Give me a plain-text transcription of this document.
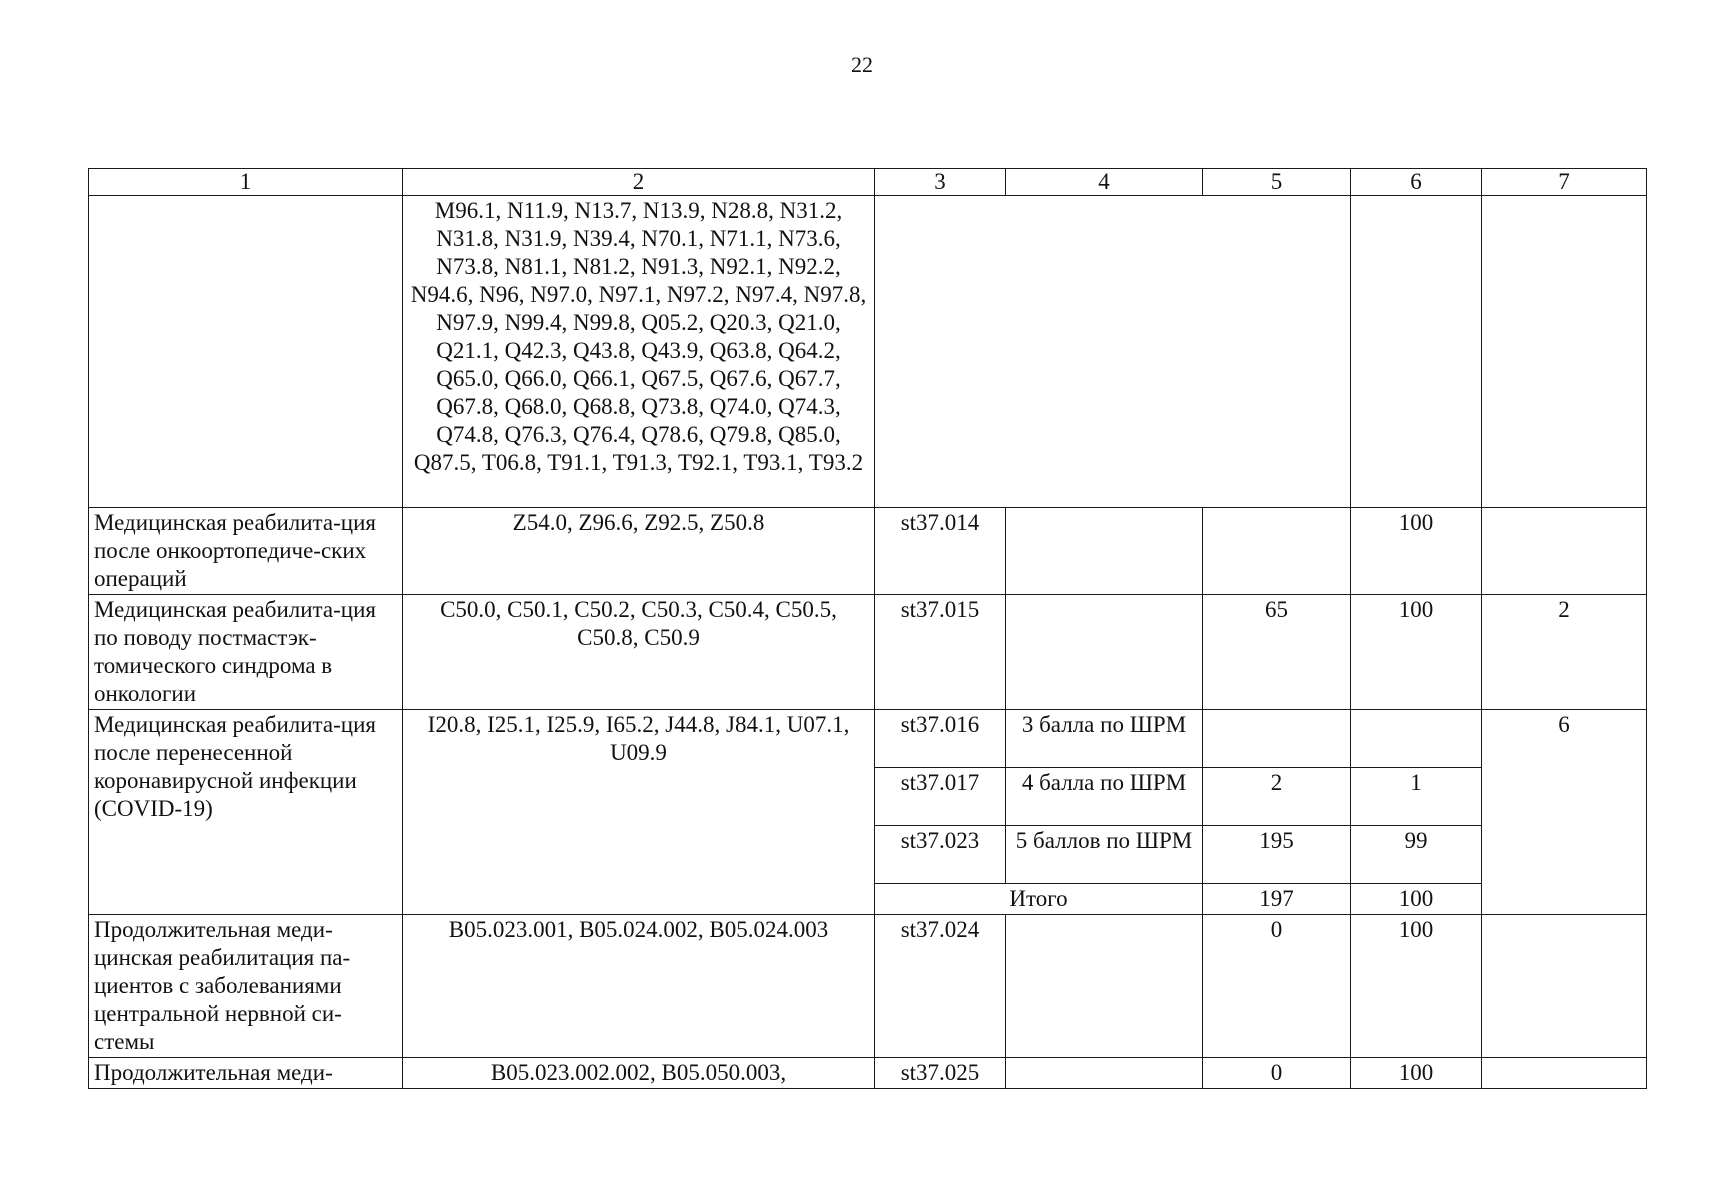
22
1	2	3	4	5	6	7
	M96.1, N11.9, N13.7, N13.9, N28.8, N31.2, N31.8, N31.9, N39.4, N70.1, N71.1, N73.6, N73.8, N81.1, N81.2, N91.3, N92.1, N92.2, N94.6, N96, N97.0, N97.1, N97.2, N97.4, N97.8, N97.9, N99.4, N99.8, Q05.2, Q20.3, Q21.0, Q21.1, Q42.3, Q43.8, Q43.9, Q63.8, Q64.2, Q65.0, Q66.0, Q66.1, Q67.5, Q67.6, Q67.7, Q67.8, Q68.0, Q68.8, Q73.8, Q74.0, Q74.3, Q74.8, Q76.3, Q76.4, Q78.6, Q79.8, Q85.0, Q87.5, T06.8, T91.1, T91.3, T92.1, T93.1, T93.2					
Медицинская реабилита-ция после онкоортопедиче-ских операций	Z54.0, Z96.6, Z92.5, Z50.8	st37.014			100	
Медицинская реабилита-ция по поводу постмастэк-томического синдрома в онкологии	C50.0, C50.1, C50.2, C50.3, C50.4, C50.5, C50.8, C50.9	st37.015		65	100	2
Медицинская реабилита-ция после перенесенной коронавирусной инфекции (COVID-19)	I20.8, I25.1, I25.9, I65.2, J44.8, J84.1, U07.1, U09.9	st37.016	3 балла по ШРМ			6
		st37.017	4 балла по ШРМ	2	1	
		st37.023	5 баллов по ШРМ	195	99	
		Итого		197	100	
Продолжительная меди-цинская реабилитация па-циентов с заболеваниями центральной нервной си-стемы	B05.023.001, B05.024.002, B05.024.003	st37.024		0	100	
Продолжительная меди-	B05.023.002.002, B05.050.003,	st37.025		0	100	
